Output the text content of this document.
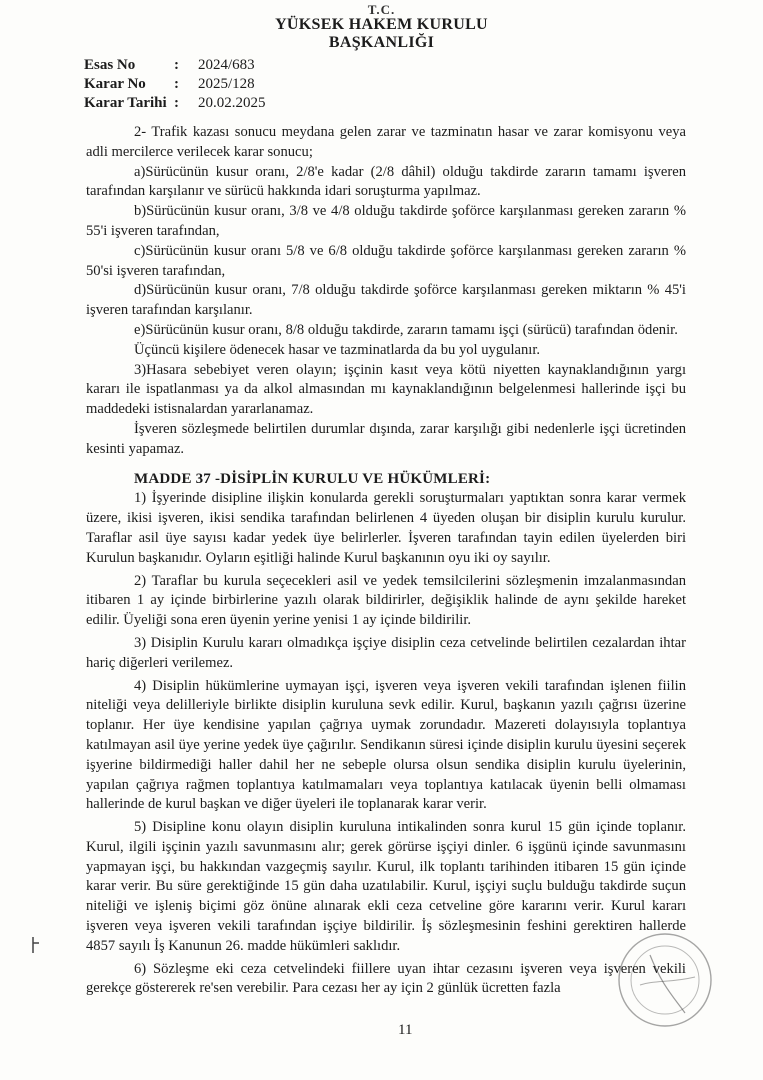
T.C.
YÜKSEK HAKEM KURULU
BAŞKANLIĞI
Esas No	: 2024/683
Karar No : 2025/128
Karar Tarihi : 20.02.2025

2- Trafik kazası sonucu meydana gelen zarar ve tazminatın hasar ve zarar komisyonu veya adli mercilerce verilecek karar sonucu;

a)Sürücünün kusur oranı, 2/8'e kadar (2/8 dâhil) olduğu takdirde zararın tamamı işveren tarafından karşılanır ve sürücü hakkında idari soruşturma yapılmaz.

b)Sürücünün kusur oranı, 3/8 ve 4/8 olduğu takdirde şoförce karşılanması gereken zararın % 55'i işveren tarafından,

c)Sürücünün kusur oranı 5/8 ve 6/8 olduğu takdirde şoförce karşılanması gereken zararın % 50'si işveren tarafından,

d)Sürücünün kusur oranı, 7/8 olduğu takdirde şoförce karşılanması gereken miktarın % 45'i işveren tarafından karşılanır.

e)Sürücünün kusur oranı, 8/8 olduğu takdirde, zararın tamamı işçi (sürücü) tarafından ödenir.

Üçüncü kişilere ödenecek hasar ve tazminatlarda da bu yol uygulanır.

3)Hasara sebebiyet veren olayın; işçinin kasıt veya kötü niyetten kaynaklandığının yargı kararı ile ispatlanması ya da alkol almasından mı kaynaklandığının belgelenmesi hallerinde işçi bu maddedeki istisnalardan yararlanamaz.

İşveren sözleşmede belirtilen durumlar dışında, zarar karşılığı gibi nedenlerle işçi ücretinden kesinti yapamaz.

MADDE 37 -DİSİPLİN KURULU VE HÜKÜMLERİ:

1) İşyerinde disipline ilişkin konularda gerekli soruşturmaları yaptıktan sonra karar vermek üzere, ikisi işveren, ikisi sendika tarafından belirlenen 4 üyeden oluşan bir disiplin kurulu kurulur. Taraflar asil üye sayısı kadar yedek üye belirlerler. İşveren tarafından tayin edilen üyelerden biri Kurulun başkanıdır. Oyların eşitliği halinde Kurul başkanının oyu iki oy sayılır.

2) Taraflar bu kurula seçecekleri asil ve yedek temsilcilerini sözleşmenin imzalanmasından itibaren 1 ay içinde birbirlerine yazılı olarak bildirirler, değişiklik halinde de aynı şekilde hareket edilir. Üyeliği sona eren üyenin yerine yenisi 1 ay içinde bildirilir.

3) Disiplin Kurulu kararı olmadıkça işçiye disiplin ceza cetvelinde belirtilen cezalardan ihtar hariç diğerleri verilemez.

4) Disiplin hükümlerine uymayan işçi, işveren veya işveren vekili tarafından işlenen fiilin niteliği veya delilleriyle birlikte disiplin kuruluna sevk edilir. Kurul, başkanın yazılı çağrısı üzerine toplanır. Her üye kendisine yapılan çağrıya uymak zorundadır. Mazereti dolayısıyla toplantıya katılmayan asil üye yerine yedek üye çağırılır. Sendikanın süresi içinde disiplin kurulu üyesini seçerek işyerine bildirmediği haller dahil her ne sebeple olursa olsun sendika disiplin kurulu üyelerinin, yapılan çağrıya rağmen toplantıya katılmamaları veya toplantıya katılacak üyenin belli olmaması hallerinde de kurul başkan ve diğer üyeleri ile toplanarak karar verir.

5) Disipline konu olayın disiplin kuruluna intikalinden sonra kurul 15 gün içinde toplanır. Kurul, ilgili işçinin yazılı savunmasını alır; gerek görürse işçiyi dinler. 6 işgünü içinde savunmasını yapmayan işçi, bu hakkından vazgeçmiş sayılır. Kurul, ilk toplantı tarihinden itibaren 15 gün içinde karar verir. Bu süre gerektiğinde 15 gün daha uzatılabilir. Kurul, işçiyi suçlu bulduğu takdirde suçun niteliği ve işleniş biçimi göz önüne alınarak ekli ceza cetveline göre kararını verir. Kurul kararı işveren veya işveren vekili tarafından işçiye bildirilir. İş sözleşmesinin feshini gerektiren hallerde 4857 sayılı İş Kanunun 26. madde hükümleri saklıdır.

6) Sözleşme eki ceza cetvelindeki fiillere uyan ihtar cezasını işveren veya işveren vekili gerekçe göstererek re'sen verebilir. Para cezası her ay için 2 günlük ücretten fazla

11
